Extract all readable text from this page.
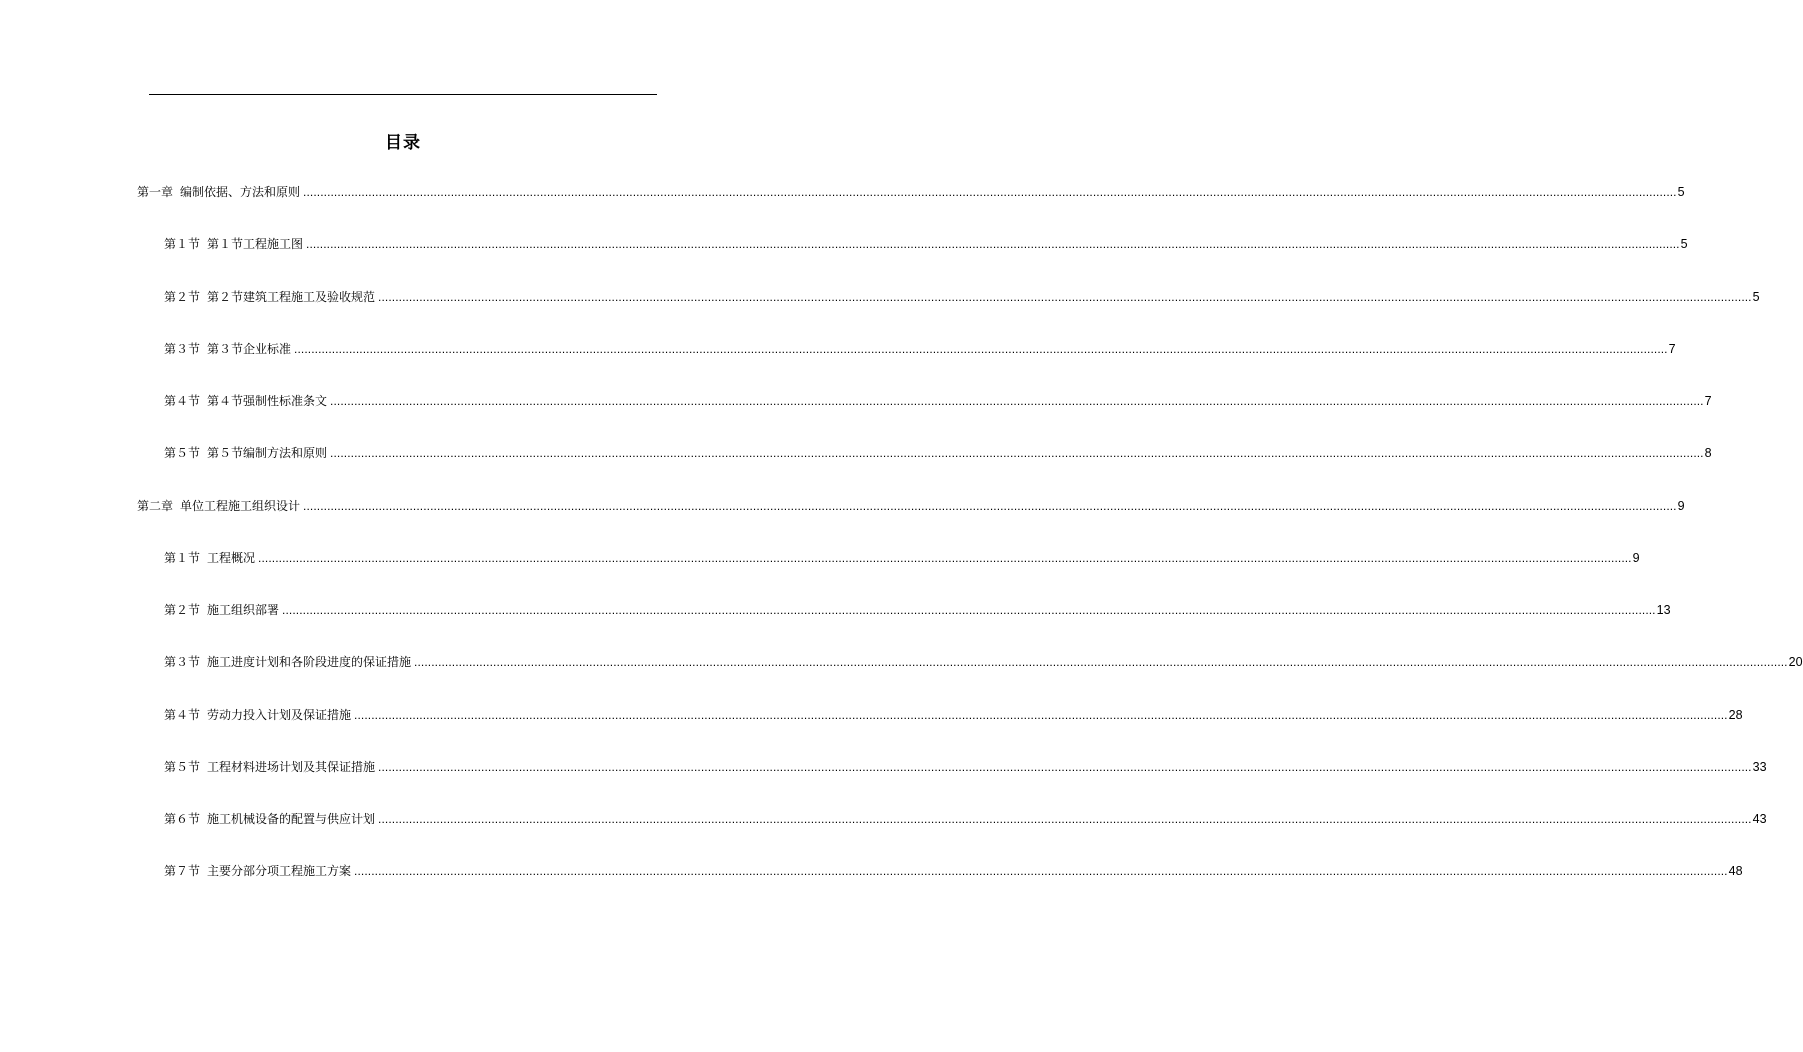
目录
第一章 编制依据、方法和原则 ................................................................................................................................................................................................................................................................................................................................................................................................................ 5
第１节 第１节工程施工图 ................................................................................................................................................................................................................................................................................................................................................................................................................ 5
第２节 第２节建筑工程施工及验收规范 ................................................................................................................................................................................................................................................................................................................................................................................................................ 5
第３节 第３节企业标准 ................................................................................................................................................................................................................................................................................................................................................................................................................ 7
第４节 第４节强制性标准条文 ................................................................................................................................................................................................................................................................................................................................................................................................................ 7
第５节 第５节编制方法和原则 ................................................................................................................................................................................................................................................................................................................................................................................................................ 8
第二章 单位工程施工组织设计 ................................................................................................................................................................................................................................................................................................................................................................................................................ 9
第１节 工程概况 ................................................................................................................................................................................................................................................................................................................................................................................................................ 9
第２节 施工组织部署 ................................................................................................................................................................................................................................................................................................................................................................................................................ 13
第３节 施工进度计划和各阶段进度的保证措施 ................................................................................................................................................................................................................................................................................................................................................................................................................ 20
第４节 劳动力投入计划及保证措施 ................................................................................................................................................................................................................................................................................................................................................................................................................ 28
第５节 工程材料进场计划及其保证措施 ................................................................................................................................................................................................................................................................................................................................................................................................................ 33
第６节 施工机械设备的配置与供应计划 ................................................................................................................................................................................................................................................................................................................................................................................................................ 43
第７节 主要分部分项工程施工方案 ................................................................................................................................................................................................................................................................................................................................................................................................................ 48
